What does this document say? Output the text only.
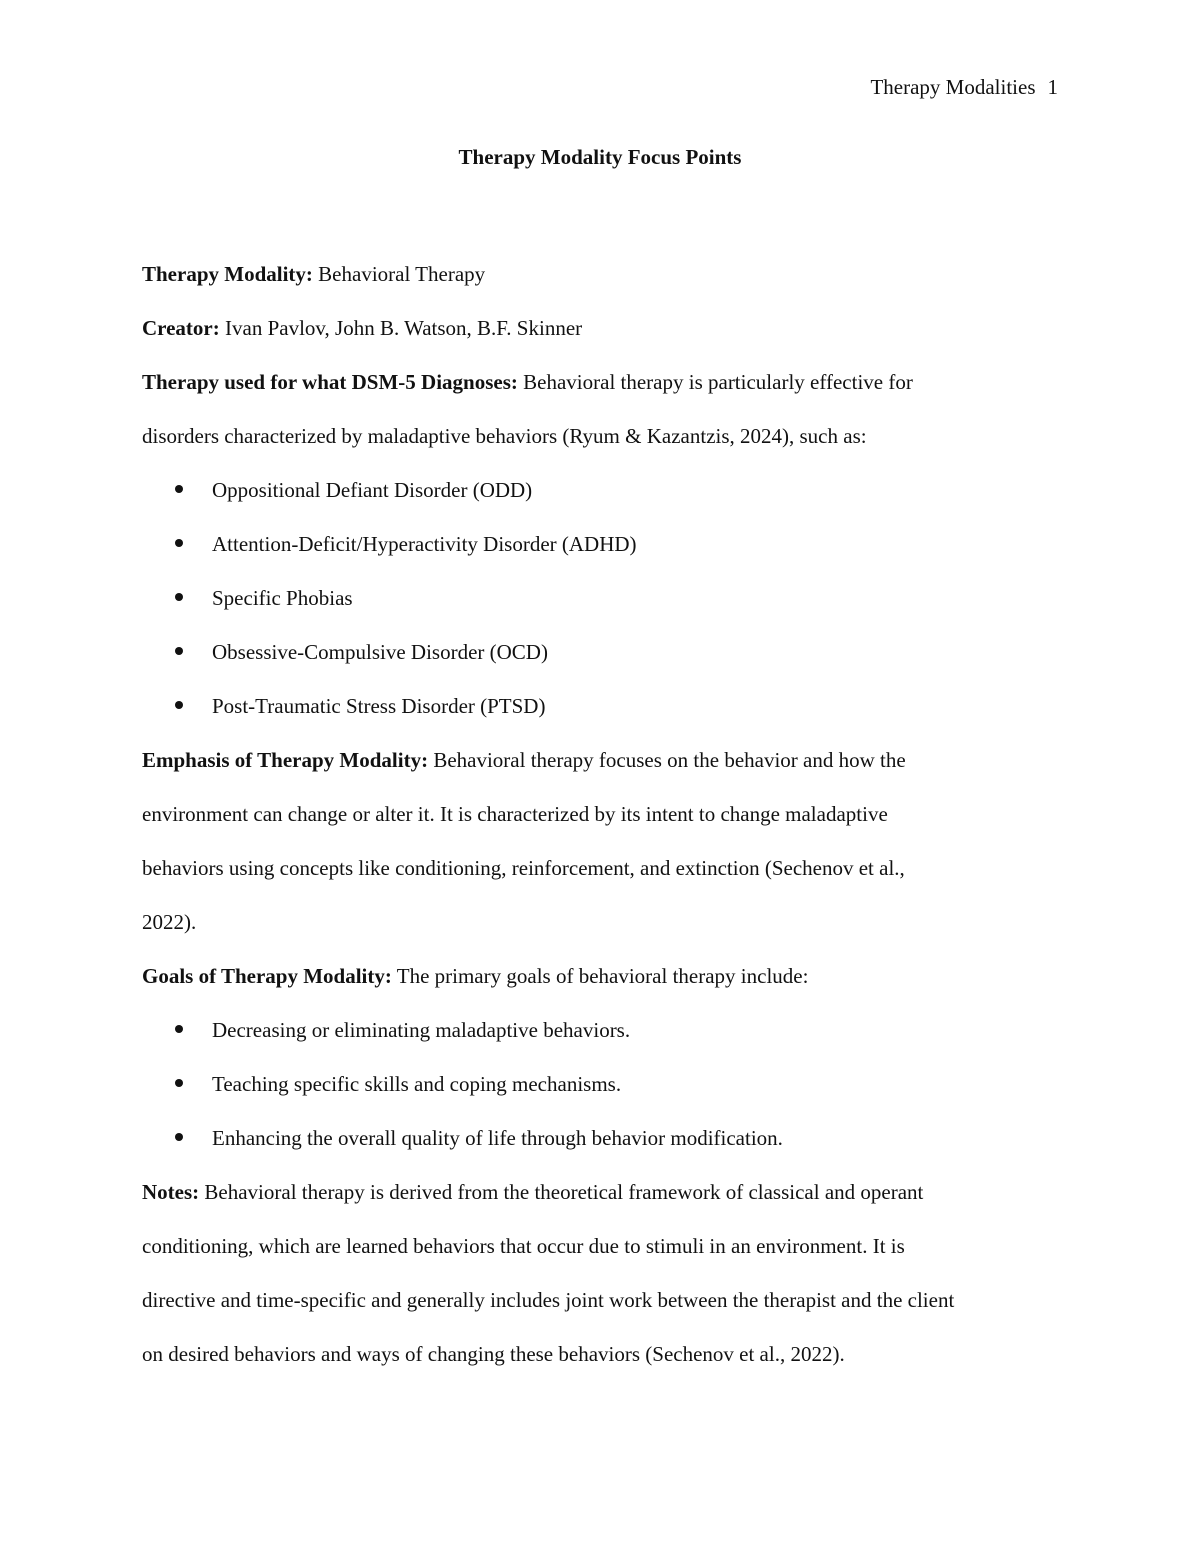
Therapy Modalities 1
Therapy Modality Focus Points

Therapy Modality: Behavioral Therapy

Creator: Ivan Pavlov, John B. Watson, B.F. Skinner

Therapy used for what DSM-5 Diagnoses: Behavioral therapy is particularly effective for
disorders characterized by maladaptive behaviors (Ryum & Kazantzis, 2024), such as:

Oppositional Defiant Disorder (ODD)
Attention-Deficit/Hyperactivity Disorder (ADHD)
Specific Phobias
Obsessive-Compulsive Disorder (OCD)
Post-Traumatic Stress Disorder (PTSD)

Emphasis of Therapy Modality: Behavioral therapy focuses on the behavior and how the
environment can change or alter it. It is characterized by its intent to change maladaptive
behaviors using concepts like conditioning, reinforcement, and extinction (Sechenov et al.,
2022).

Goals of Therapy Modality: The primary goals of behavioral therapy include:

Decreasing or eliminating maladaptive behaviors.
Teaching specific skills and coping mechanisms.
Enhancing the overall quality of life through behavior modification.

Notes: Behavioral therapy is derived from the theoretical framework of classical and operant
conditioning, which are learned behaviors that occur due to stimuli in an environment. It is
directive and time-specific and generally includes joint work between the therapist and the client
on desired behaviors and ways of changing these behaviors (Sechenov et al., 2022).
